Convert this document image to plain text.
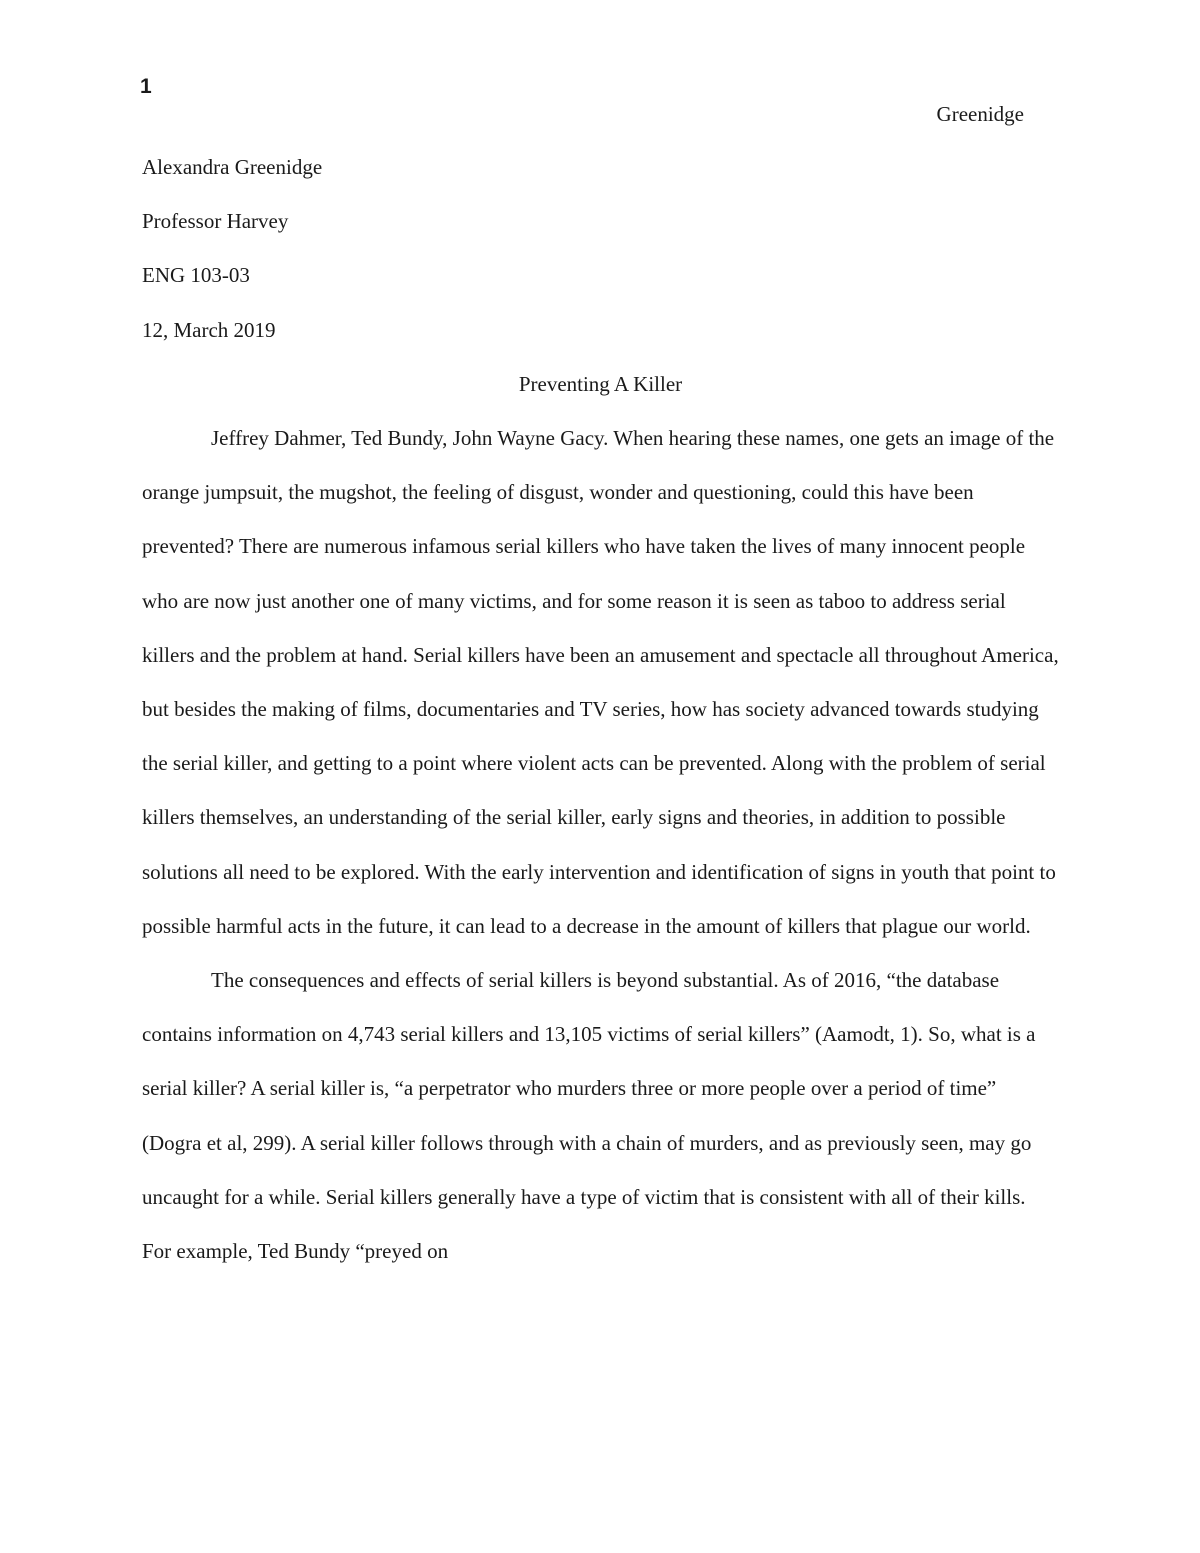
1

Greenidge

Alexandra Greenidge

Professor Harvey

ENG 103-03

12, March 2019

Preventing A Killer

Jeffrey Dahmer, Ted Bundy, John Wayne Gacy. When hearing these names, one gets an image of the orange jumpsuit, the mugshot, the feeling of disgust, wonder and questioning, could this have been prevented? There are numerous infamous serial killers who have taken the lives of many innocent people who are now just another one of many victims, and for some reason it is seen as taboo to address serial killers and the problem at hand. Serial killers have been an amusement and spectacle all throughout America, but besides the making of films, documentaries and TV series, how has society advanced towards studying the serial killer, and getting to a point where violent acts can be prevented. Along with the problem of serial killers themselves, an understanding of the serial killer, early signs and theories, in addition to possible solutions all need to be explored. With the early intervention and identification of signs in youth that point to possible harmful acts in the future, it can lead to a decrease in the amount of killers that plague our world.

The consequences and effects of serial killers is beyond substantial. As of 2016, “the database contains information on 4,743 serial killers and 13,105 victims of serial killers” (Aamodt, 1). So, what is a serial killer? A serial killer is, “a perpetrator who murders three or more people over a period of time” (Dogra et al, 299). A serial killer follows through with a chain of murders, and as previously seen, may go uncaught for a while. Serial killers generally have a type of victim that is consistent with all of their kills. For example, Ted Bundy “preyed on
